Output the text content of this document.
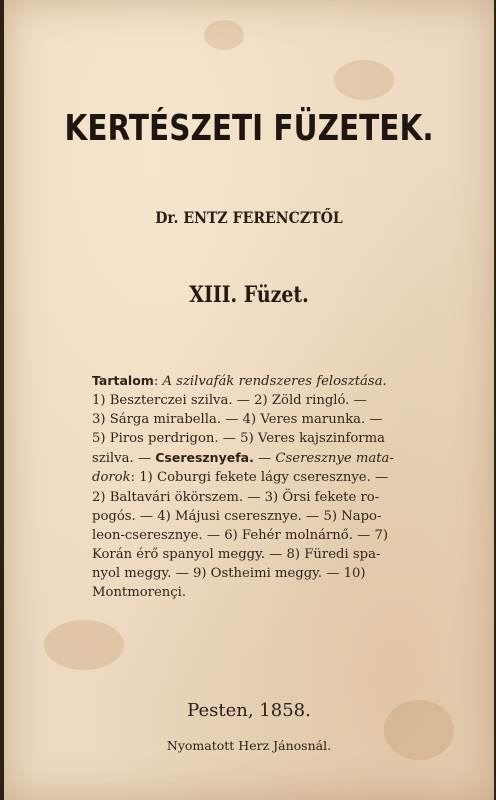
KERTÉSZETI FÜZETEK.
Dr. ENTZ FERENCZTŐL
XIII. Füzet.
Tartalom: A szilvafák rendszeres felosztása.
1) Beszterczei szilva. — 2) Zöld ringló. —
3) Sárga mirabella. — 4) Veres marunka. —
5) Piros perdrigon. — 5) Veres kajszinforma
szilva. — Cseresznyefa. — Cseresznye mata-
dorok: 1) Coburgi fekete lágy cseresznye. —
2) Baltavári ökörszem. — 3) Örsi fekete ro-
pogós. — 4) Májusi cseresznye. — 5) Napo-
leon-cseresznye. — 6) Fehér molnárnő. — 7)
Korán érő spanyol meggy. — 8) Füredi spa-
nyol meggy. — 9) Ostheimi meggy. — 10)
Montmorençi.
Pesten, 1858.
Nyomatott Herz Jánosnál.
